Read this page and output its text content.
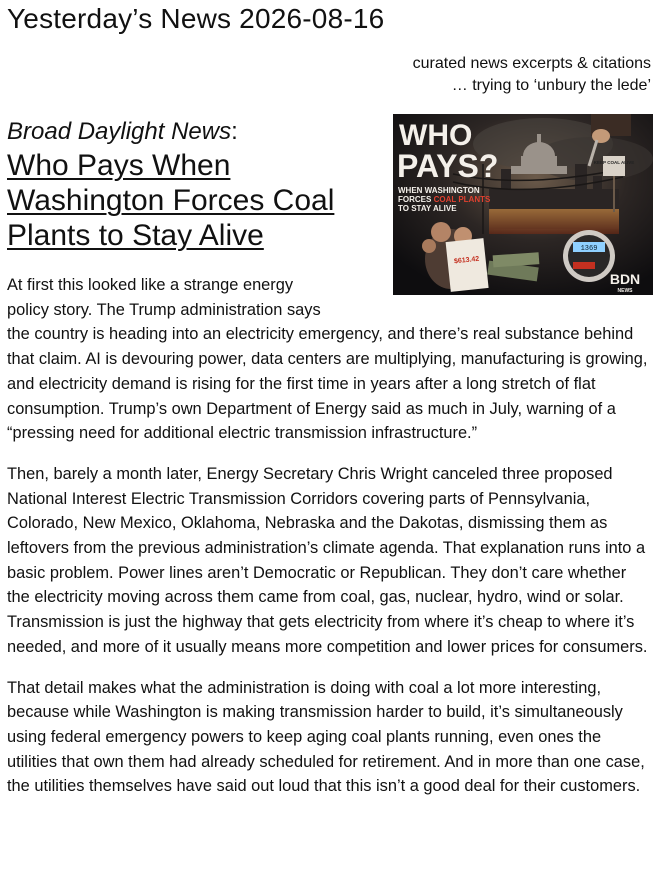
Yesterday’s News 2026-08-16
curated news excerpts & citations
… trying to ‘unbury the lede’
KEEP COAL ALIVE
$613.42
1369
WHO
PAYS?
WHEN WASHINGTON
FORCES COAL PLANTS
TO STAY ALIVE
BDN
NEWS
Broad Daylight News:
Who Pays When Washington Forces Coal Plants to Stay Alive

At first this looked like a strange energy policy story. The Trump administration says the country is heading into an electricity emergency, and there’s real substance behind that claim. AI is devouring power, data centers are multiplying, manufacturing is growing, and electricity demand is rising for the first time in years after a long stretch of flat consumption. Trump’s own Department of Energy said as much in July, warning of a “pressing need for additional electric transmission infrastructure.”

Then, barely a month later, Energy Secretary Chris Wright canceled three proposed National Interest Electric Transmission Corridors covering parts of Pennsylvania, Colorado, New Mexico, Oklahoma, Nebraska and the Dakotas, dismissing them as leftovers from the previous administration’s climate agenda. That explanation runs into a basic problem. Power lines aren’t Democratic or Republican. They don’t care whether the electricity moving across them came from coal, gas, nuclear, hydro, wind or solar. Transmission is just the highway that gets electricity from where it’s cheap to where it’s needed, and more of it usually means more competition and lower prices for consumers.

That detail makes what the administration is doing with coal a lot more interesting, because while Washington is making transmission harder to build, it’s simultaneously using federal emergency powers to keep aging coal plants running, even ones the utilities that own them had already scheduled for retirement. And in more than one case, the utilities themselves have said out loud that this isn’t a good deal for their customers.
